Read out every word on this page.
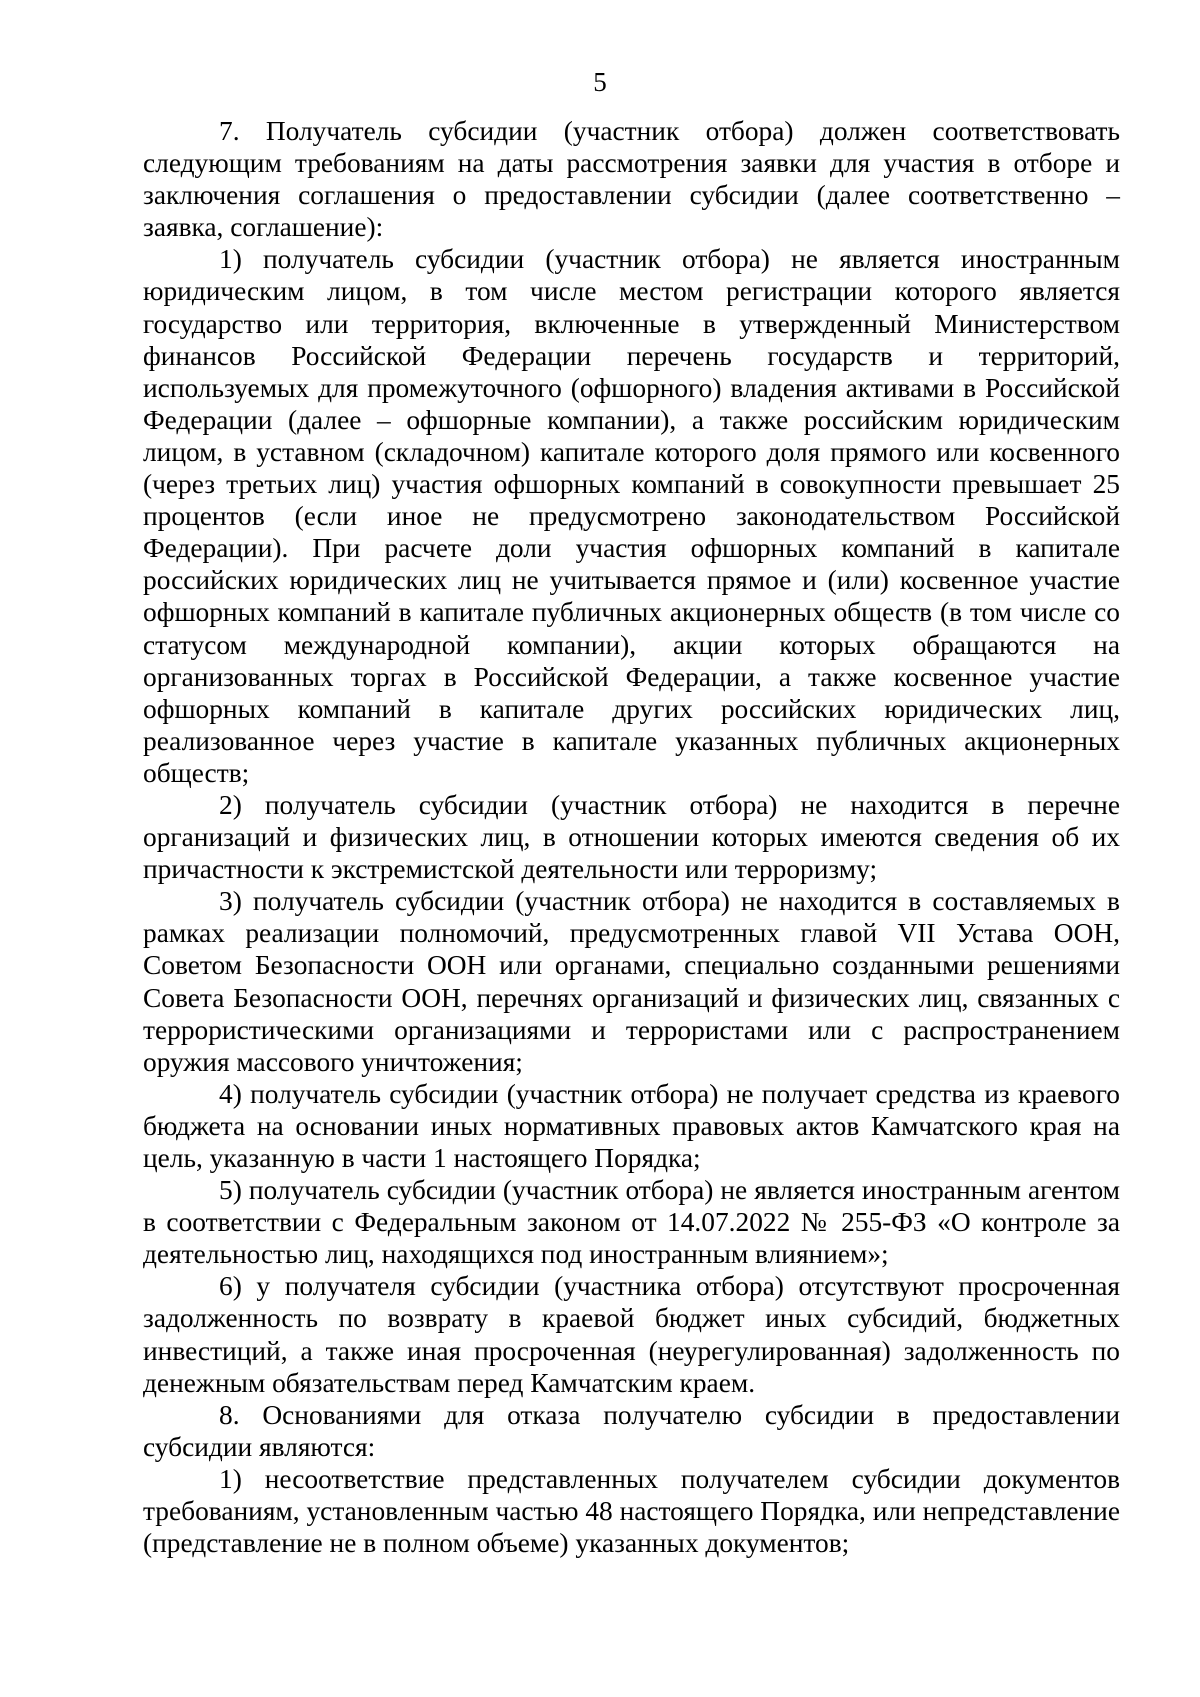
5

7. Получатель субсидии (участник отбора) должен соответствовать следующим требованиям на даты рассмотрения заявки для участия в отборе и заключения соглашения о предоставлении субсидии (далее соответственно – заявка, соглашение):

1) получатель субсидии (участник отбора) не является иностранным юридическим лицом, в том числе местом регистрации которого является государство или территория, включенные в утвержденный Министерством финансов Российской Федерации перечень государств и территорий, используемых для промежуточного (офшорного) владения активами в Российской Федерации (далее – офшорные компании), а также российским юридическим лицом, в уставном (складочном) капитале которого доля прямого или косвенного (через третьих лиц) участия офшорных компаний в совокупности превышает 25 процентов (если иное не предусмотрено законодательством Российской Федерации). При расчете доли участия офшорных компаний в капитале российских юридических лиц не учитывается прямое и (или) косвенное участие офшорных компаний в капитале публичных акционерных обществ (в том числе со статусом международной компании), акции которых обращаются на организованных торгах в Российской Федерации, а также косвенное участие офшорных компаний в капитале других российских юридических лиц, реализованное через участие в капитале указанных публичных акционерных обществ;

2) получатель субсидии (участник отбора) не находится в перечне организаций и физических лиц, в отношении которых имеются сведения об их причастности к экстремистской деятельности или терроризму;

3) получатель субсидии (участник отбора) не находится в составляемых в рамках реализации полномочий, предусмотренных главой VII Устава ООН, Советом Безопасности ООН или органами, специально созданными решениями Совета Безопасности ООН, перечнях организаций и физических лиц, связанных с террористическими организациями и террористами или с распространением оружия массового уничтожения;

4) получатель субсидии (участник отбора) не получает средства из краевого бюджета на основании иных нормативных правовых актов Камчатского края на цель, указанную в части 1 настоящего Порядка;

5) получатель субсидии (участник отбора) не является иностранным агентом в соответствии с Федеральным законом от 14.07.2022 № 255-ФЗ «О контроле за деятельностью лиц, находящихся под иностранным влиянием»;

6) у получателя субсидии (участника отбора) отсутствуют просроченная задолженность по возврату в краевой бюджет иных субсидий, бюджетных инвестиций, а также иная просроченная (неурегулированная) задолженность по денежным обязательствам перед Камчатским краем.

8. Основаниями для отказа получателю субсидии в предоставлении субсидии являются:

1) несоответствие представленных получателем субсидии документов требованиям, установленным частью 48 настоящего Порядка, или непредставление (представление не в полном объеме) указанных документов;
